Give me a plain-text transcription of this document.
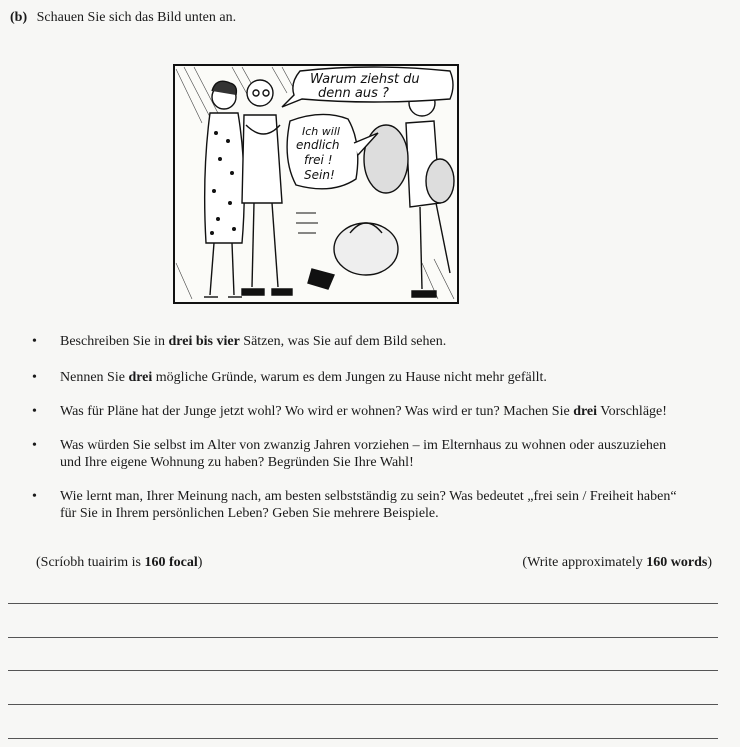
(b) Schauen Sie sich das Bild unten an.
Warum ziehst du
denn aus ?
Ich will
endlich
frei !
Sein!
• Beschreiben Sie in drei bis vier Sätzen, was Sie auf dem Bild sehen.
• Nennen Sie drei mögliche Gründe, warum es dem Jungen zu Hause nicht mehr gefällt.
• Was für Pläne hat der Junge jetzt wohl? Wo wird er wohnen? Was wird er tun? Machen Sie drei Vorschläge!
• Was würden Sie selbst im Alter von zwanzig Jahren vorziehen – im Elternhaus zu wohnen oder auszuziehen
und Ihre eigene Wohnung zu haben? Begründen Sie Ihre Wahl!
• Wie lernt man, Ihrer Meinung nach, am besten selbstständig zu sein? Was bedeutet „frei sein / Freiheit haben“
für Sie in Ihrem persönlichen Leben? Geben Sie mehrere Beispiele.
(Scríobh tuairim is 160 focal)	(Write approximately 160 words)
